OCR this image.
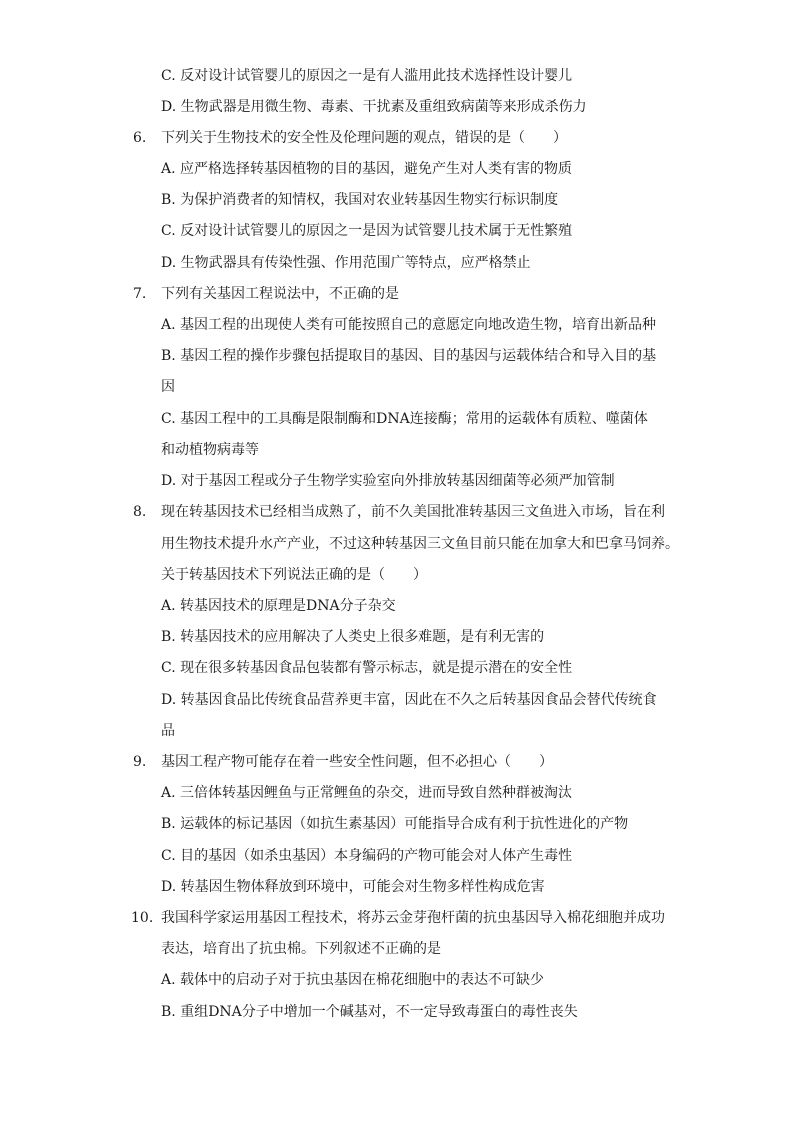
C. 反对设计试管婴儿的原因之一是有人滥用此技术选择性设计婴儿
D. 生物武器是用微生物、毒素、干扰素及重组致病菌等来形成杀伤力
6. 下列关于生物技术的安全性及伦理问题的观点，错误的是（　　）
A. 应严格选择转基因植物的目的基因，避免产生对人类有害的物质
B. 为保护消费者的知情权，我国对农业转基因生物实行标识制度
C. 反对设计试管婴儿的原因之一是因为试管婴儿技术属于无性繁殖
D. 生物武器具有传染性强、作用范围广等特点，应严格禁止
7. 下列有关基因工程说法中，不正确的是
A. 基因工程的出现使人类有可能按照自己的意愿定向地改造生物，培育出新品种
B. 基因工程的操作步骤包括提取目的基因、目的基因与运载体结合和导入目的基
因
C. 基因工程中的工具酶是限制酶和DNA连接酶；常用的运载体有质粒、噬菌体
和动植物病毒等
D. 对于基因工程或分子生物学实验室向外排放转基因细菌等必须严加管制
8. 现在转基因技术已经相当成熟了，前不久美国批准转基因三文鱼进入市场，旨在利
用生物技术提升水产产业，不过这种转基因三文鱼目前只能在加拿大和巴拿马饲养。
关于转基因技术下列说法正确的是（　　）
A. 转基因技术的原理是DNA分子杂交
B. 转基因技术的应用解决了人类史上很多难题，是有利无害的
C. 现在很多转基因食品包装都有警示标志，就是提示潜在的安全性
D. 转基因食品比传统食品营养更丰富，因此在不久之后转基因食品会替代传统食
品
9. 基因工程产物可能存在着一些安全性问题，但不必担心（　　）
A. 三倍体转基因鲤鱼与正常鲤鱼的杂交，进而导致自然种群被淘汰
B. 运载体的标记基因（如抗生素基因）可能指导合成有利于抗性进化的产物
C. 目的基因（如杀虫基因）本身编码的产物可能会对人体产生毒性
D. 转基因生物体释放到环境中，可能会对生物多样性构成危害
10. 我国科学家运用基因工程技术，将苏云金芽孢杆菌的抗虫基因导入棉花细胞并成功
表达，培育出了抗虫棉。下列叙述不正确的是
A. 载体中的启动子对于抗虫基因在棉花细胞中的表达不可缺少
B. 重组DNA分子中增加一个碱基对，不一定导致毒蛋白的毒性丧失
